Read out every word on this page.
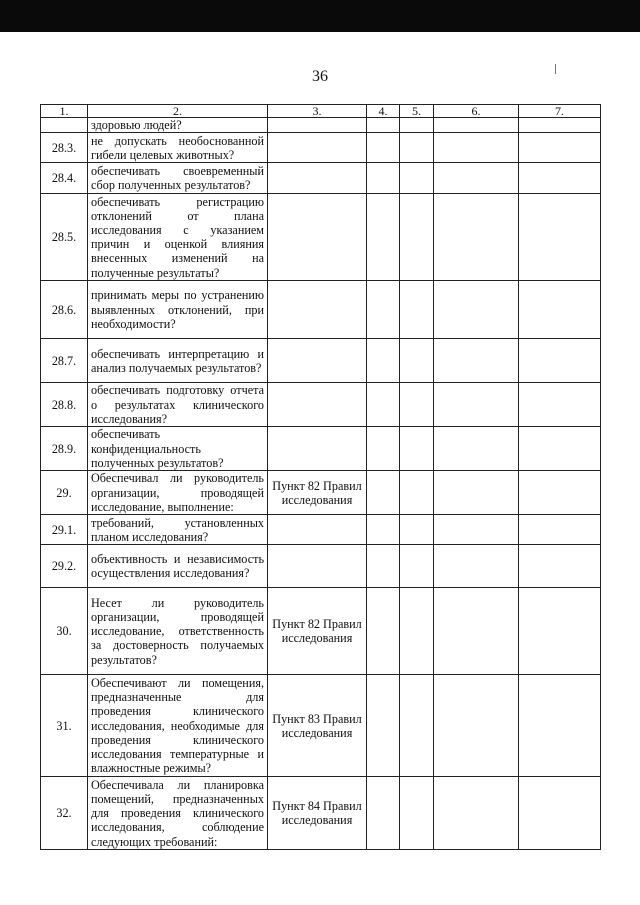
36
1.	2.	3.	4.	5.	6.	7.
	здоровью людей?					
28.3.	не допускать необоснованной гибели целевых животных?					
28.4.	обеспечивать своевременный сбор полученных результатов?					
28.5.	обеспечивать регистрацию отклонений от плана исследования с указанием причин и оценкой влияния внесенных изменений на полученные результаты?					
28.6.	принимать меры по устранению выявленных отклонений, при необходимости?					
28.7.	обеспечивать интерпретацию и анализ получаемых результатов?					
28.8.	обеспечивать подготовку отчета о результатах клинического исследования?					
28.9.	обеспечивать конфиденциальность полученных результатов?					
29.	Обеспечивал ли руководитель организации, проводящей исследование, выполнение:	Пункт 82 Правил исследования				
29.1.	требований, установленных планом исследования?					
29.2.	объективность и независимость осуществления исследования?					
30.	Несет ли руководитель организации, проводящей исследование, ответственность за достоверность получаемых результатов?	Пункт 82 Правил исследования				
31.	Обеспечивают ли помещения, предназначенные для проведения клинического исследования, необходимые для проведения клинического исследования температурные и влажностные режимы?	Пункт 83 Правил исследования				
32.	Обеспечивала ли планировка помещений, предназначенных для проведения клинического исследования, соблюдение следующих требований:	Пункт 84 Правил исследования				
